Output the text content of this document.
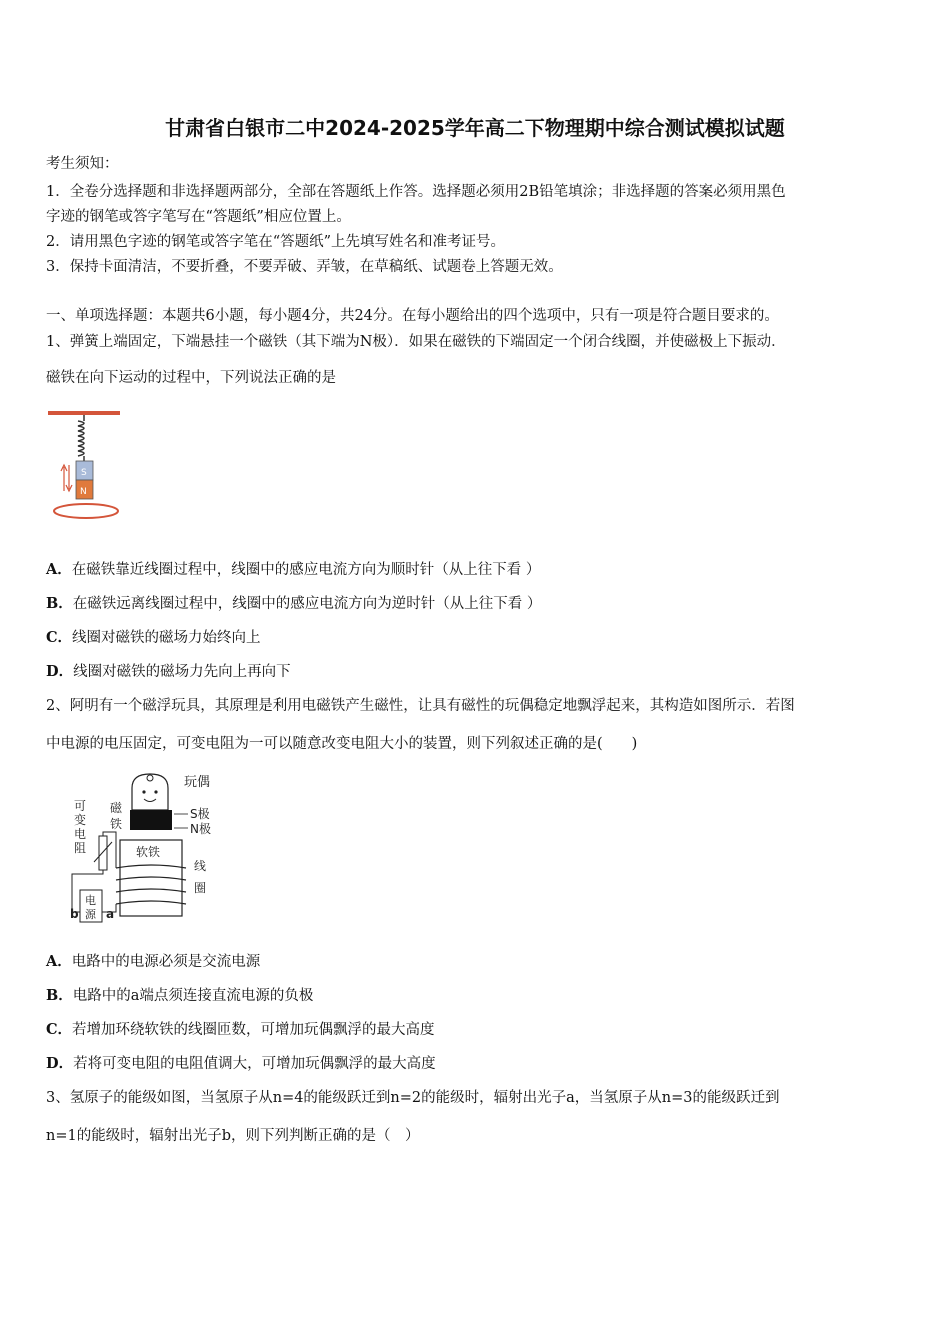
甘肃省白银市二中2024-2025学年高二下物理期中综合测试模拟试题
考生须知：
1．全卷分选择题和非选择题两部分，全部在答题纸上作答。选择题必须用2B铅笔填涂；非选择题的答案必须用黑色
字迹的钢笔或答字笔写在“答题纸”相应位置上。
2．请用黑色字迹的钢笔或答字笔在“答题纸”上先填写姓名和准考证号。
3．保持卡面清洁，不要折叠，不要弄破、弄皱，在草稿纸、试题卷上答题无效。
一、单项选择题：本题共6小题，每小题4分，共24分。在每小题给出的四个选项中，只有一项是符合题目要求的。
1、弹簧上端固定，下端悬挂一个磁铁（其下端为N极）．如果在磁铁的下端固定一个闭合线圈，并使磁极上下振动．
磁铁在向下运动的过程中，下列说法正确的是
S
N
A．在磁铁靠近线圈过程中，线圈中的感应电流方向为顺时针（从上往下看 ）
B．在磁铁远离线圈过程中，线圈中的感应电流方向为逆时针（从上往下看 ）
C．线圈对磁铁的磁场力始终向上
D．线圈对磁铁的磁场力先向上再向下
2、阿明有一个磁浮玩具，其原理是利用电磁铁产生磁性，让具有磁性的玩偶稳定地飘浮起来，其构造如图所示．若图
中电源的电压固定，可变电阻为一可以随意改变电阻大小的装置，则下列叙述正确的是(　　)
玩偶
磁
铁
S极
N极
可
变
电
阻	软铁
线
圈
电
源
b a
A．电路中的电源必须是交流电源
B．电路中的a端点须连接直流电源的负极
C．若增加环绕软铁的线圈匝数，可增加玩偶飘浮的最大高度
D．若将可变电阻的电阻值调大，可增加玩偶飘浮的最大高度
3、氢原子的能级如图，当氢原子从n=4的能级跃迁到n=2的能级时，辐射出光子a，当氢原子从n=3的能级跃迁到
n=1的能级时，辐射出光子b，则下列判断正确的是（　）
